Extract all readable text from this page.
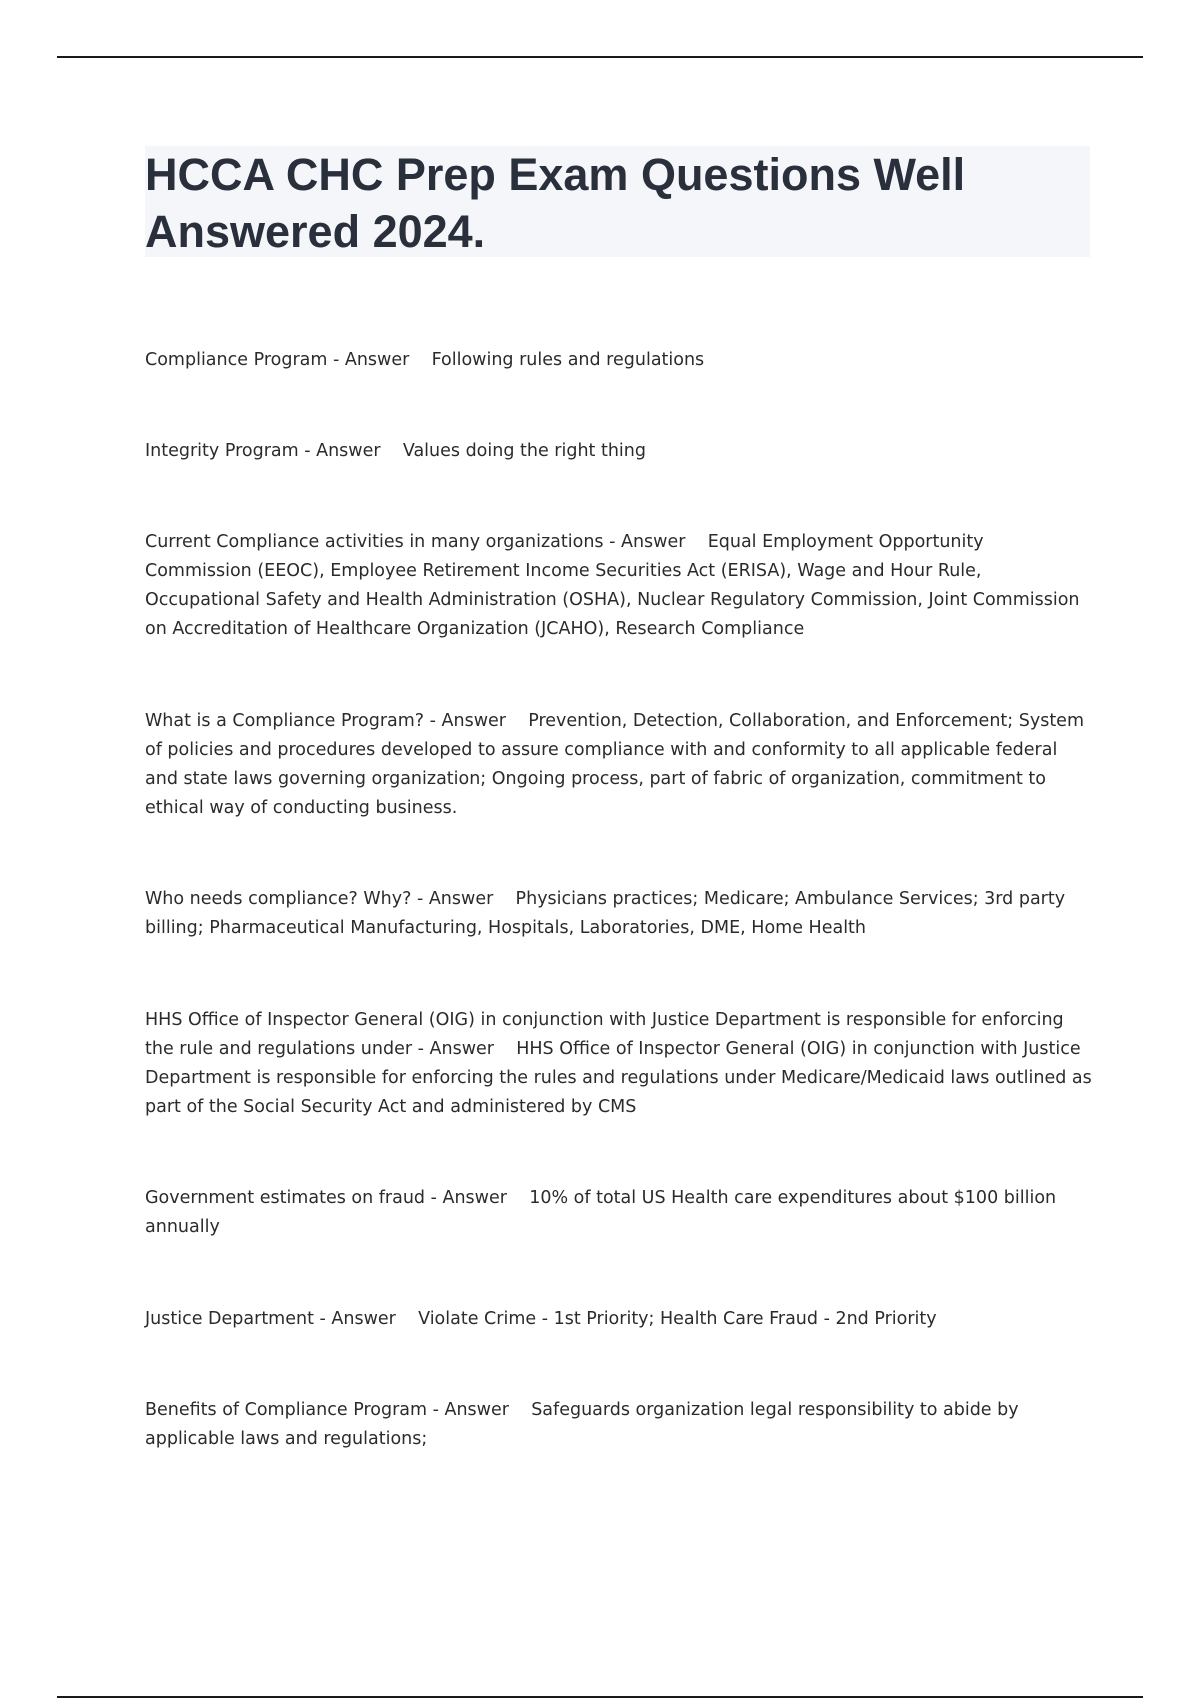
HCCA CHC Prep Exam Questions Well
Answered 2024.

Compliance Program - Answer    Following rules and regulations

Integrity Program - Answer    Values doing the right thing

Current Compliance activities in many organizations - Answer    Equal Employment Opportunity Commission (EEOC), Employee Retirement Income Securities Act (ERISA), Wage and Hour Rule, Occupational Safety and Health Administration (OSHA), Nuclear Regulatory Commission, Joint Commission on Accreditation of Healthcare Organization (JCAHO), Research Compliance

What is a Compliance Program? - Answer    Prevention, Detection, Collaboration, and Enforcement; System of policies and procedures developed to assure compliance with and conformity to all applicable federal and state laws governing organization; Ongoing process, part of fabric of organization, commitment to ethical way of conducting business.

Who needs compliance? Why? - Answer    Physicians practices; Medicare; Ambulance Services; 3rd party billing; Pharmaceutical Manufacturing, Hospitals, Laboratories, DME, Home Health

HHS Office of Inspector General (OIG) in conjunction with Justice Department is responsible for enforcing the rule and regulations under - Answer    HHS Office of Inspector General (OIG) in conjunction with Justice Department is responsible for enforcing the rules and regulations under Medicare/Medicaid laws outlined as part of the Social Security Act and administered by CMS

Government estimates on fraud - Answer    10% of total US Health care expenditures about $100 billion annually

Justice Department - Answer    Violate Crime - 1st Priority; Health Care Fraud - 2nd Priority

Benefits of Compliance Program - Answer    Safeguards organization legal responsibility to abide by applicable laws and regulations;
